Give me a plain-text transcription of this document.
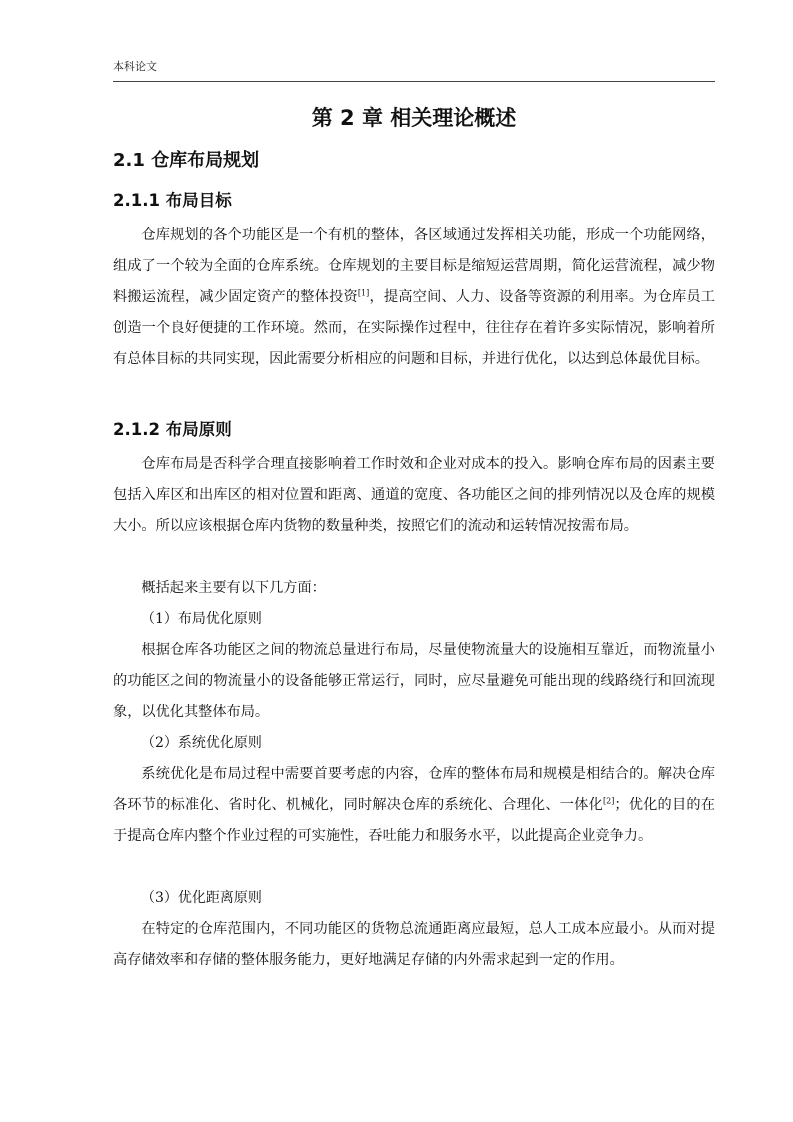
本科论文
第 2 章 相关理论概述
2.1 仓库布局规划
2.1.1 布局目标

仓库规划的各个功能区是一个有机的整体，各区域通过发挥相关功能，形成一个功能网络，组成了一个较为全面的仓库系统。仓库规划的主要目标是缩短运营周期，简化运营流程，减少物料搬运流程，减少固定资产的整体投资[1]，提高空间、人力、设备等资源的利用率。为仓库员工创造一个良好便捷的工作环境。然而，在实际操作过程中，往往存在着许多实际情况，影响着所有总体目标的共同实现，因此需要分析相应的问题和目标，并进行优化，以达到总体最优目标。

2.1.2 布局原则

仓库布局是否科学合理直接影响着工作时效和企业对成本的投入。影响仓库布局的因素主要包括入库区和出库区的相对位置和距离、通道的宽度、各功能区之间的排列情况以及仓库的规模大小。所以应该根据仓库内货物的数量种类，按照它们的流动和运转情况按需布局。

概括起来主要有以下几方面：

（1）布局优化原则

根据仓库各功能区之间的物流总量进行布局，尽量使物流量大的设施相互靠近，而物流量小的功能区之间的物流量小的设备能够正常运行，同时，应尽量避免可能出现的线路绕行和回流现象，以优化其整体布局。

（2）系统优化原则

系统优化是布局过程中需要首要考虑的内容，仓库的整体布局和规模是相结合的。解决仓库各环节的标准化、省时化、机械化，同时解决仓库的系统化、合理化、一体化[2]；优化的目的在于提高仓库内整个作业过程的可实施性，吞吐能力和服务水平，以此提高企业竞争力。

（3）优化距离原则

在特定的仓库范围内，不同功能区的货物总流通距离应最短，总人工成本应最小。从而对提高存储效率和存储的整体服务能力，更好地满足存储的内外需求起到一定的作用。
